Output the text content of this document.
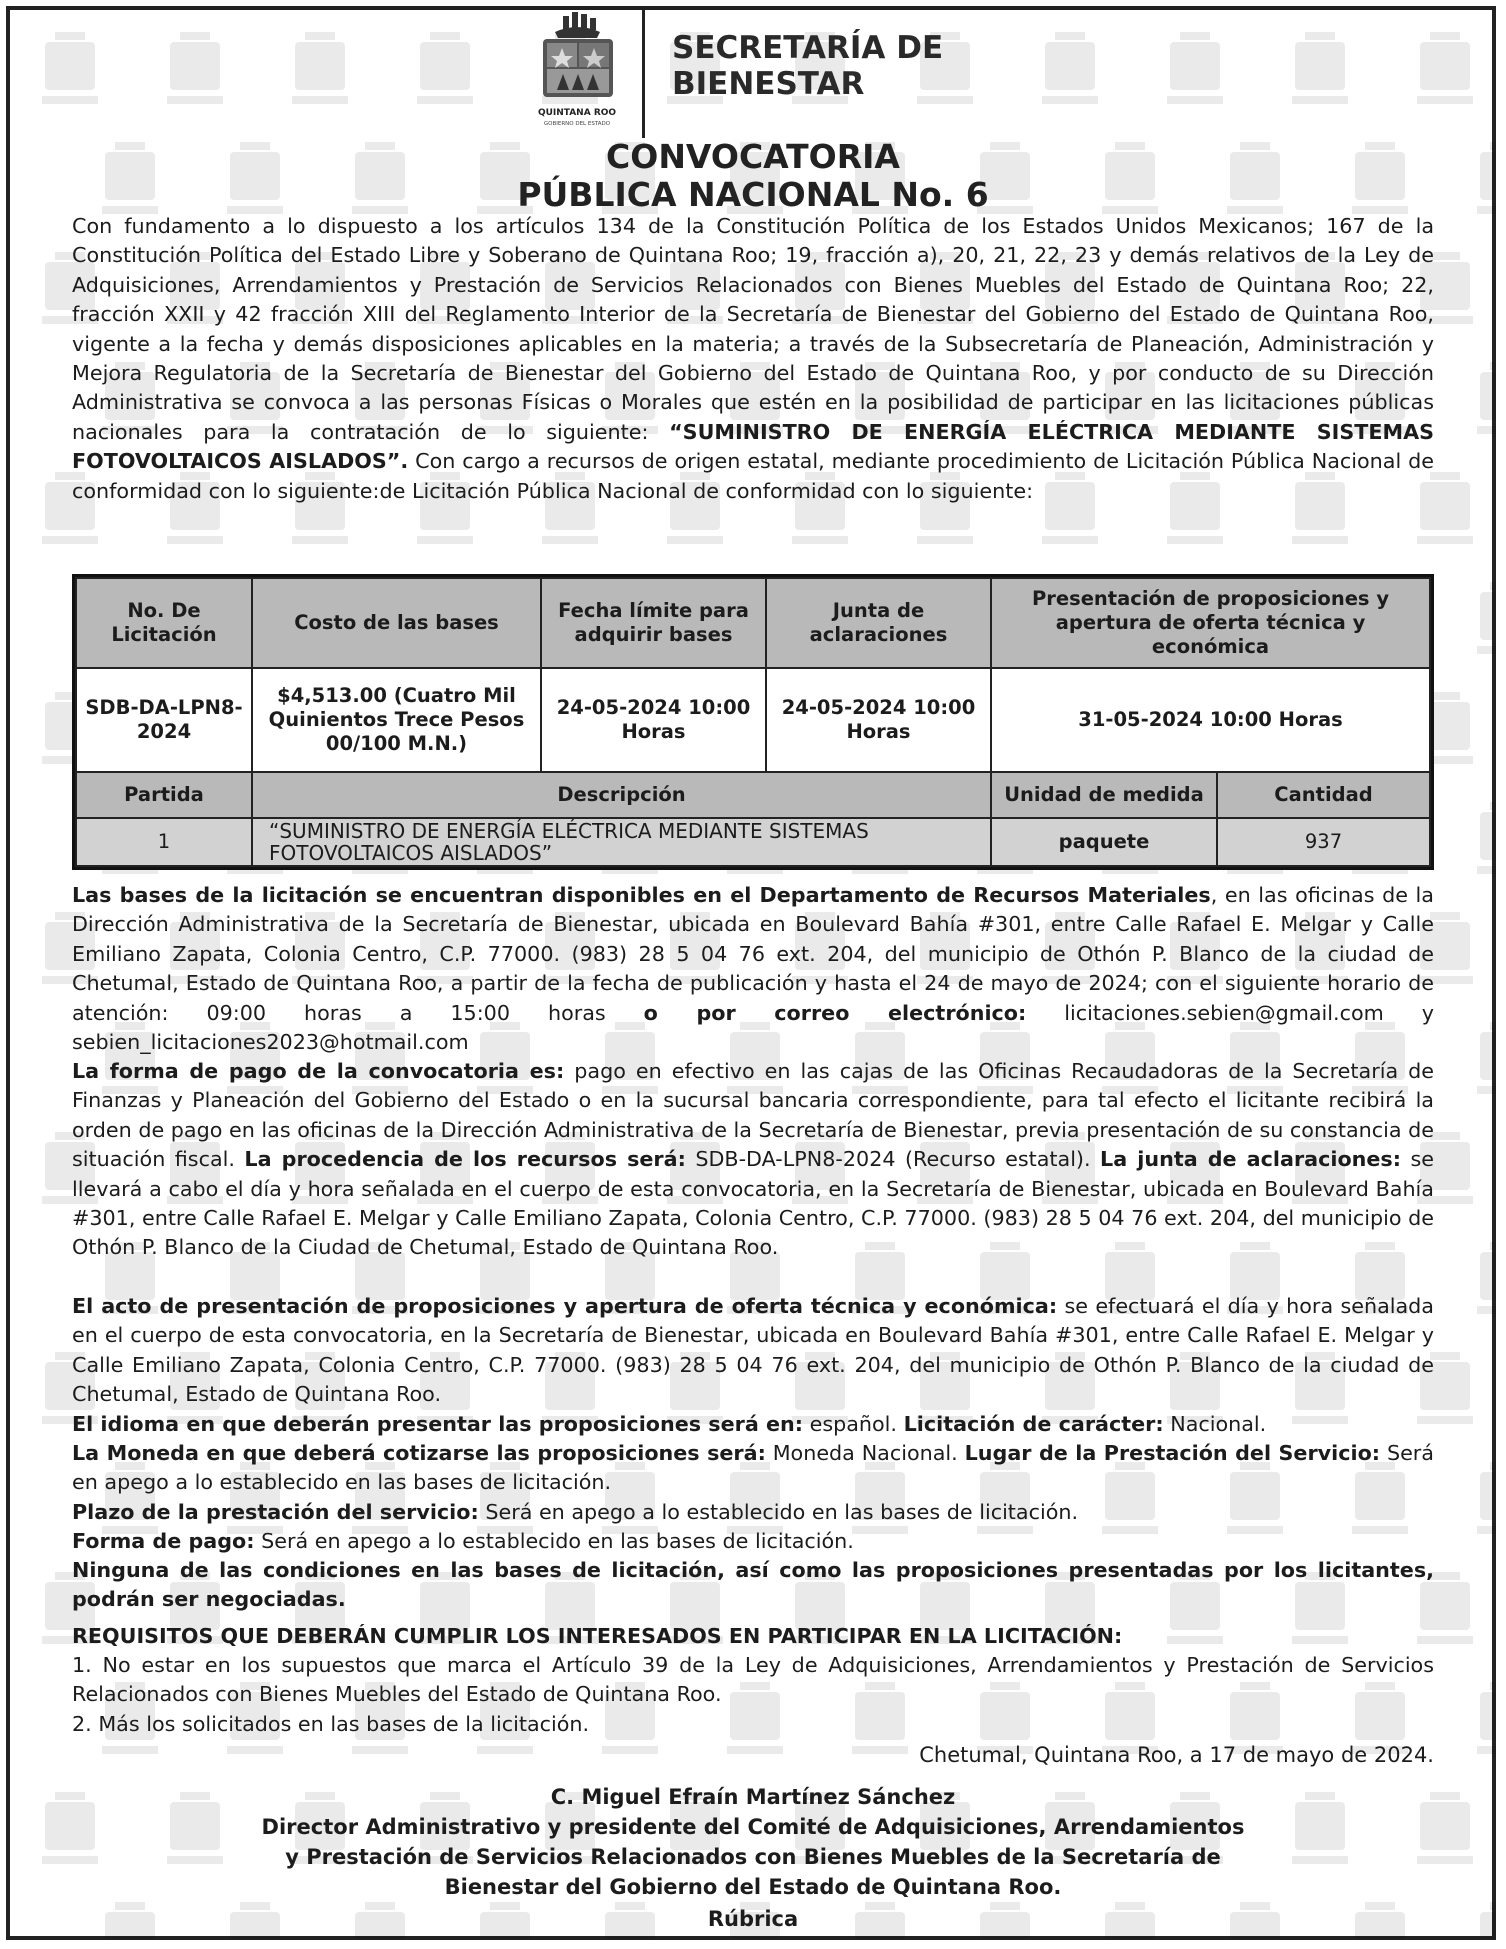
QUINTANA ROO
GOBIERNO DEL ESTADO
SECRETARÍA DE
BIENESTAR
CONVOCATORIA
PÚBLICA NACIONAL No. 6
Con fundamento a lo dispuesto a los artículos 134 de la Constitución Política de los Estados Unidos Mexicanos; 167 de la Constitución Política del Estado Libre y Soberano de Quintana Roo; 19, fracción a), 20, 21, 22, 23 y demás relativos de la Ley de Adquisiciones, Arrendamientos y Prestación de Servicios Relacionados con Bienes Muebles del Estado de Quintana Roo; 22, fracción XXII y 42 fracción XIII del Reglamento Interior de la Secretaría de Bienestar del Gobierno del Estado de Quintana Roo, vigente a la fecha y demás disposiciones aplicables en la materia; a través de la Subsecretaría de Planeación, Administración y Mejora Regulatoria de la Secretaría de Bienestar del Gobierno del Estado de Quintana Roo, y por conducto de su Dirección Administrativa se convoca a las personas Físicas o Morales que estén en la posibilidad de participar en las licitaciones públicas nacionales para la contratación de lo siguiente: “SUMINISTRO DE ENERGÍA ELÉCTRICA MEDIANTE SISTEMAS FOTOVOLTAICOS AISLADOS”. Con cargo a recursos de origen estatal, mediante procedimiento de Licitación Pública Nacional de conformidad con lo siguiente:de Licitación Pública Nacional de conformidad con lo siguiente:
No. De Licitación	Costo de las bases	Fecha límite para adquirir bases	Junta de aclaraciones	Presentación de proposiciones y apertura de oferta técnica y económica	
SDB-DA-LPN8-2024	$4,513.00 (Cuatro Mil Quinientos Trece Pesos 00/100 M.N.)	24-05-2024 10:00 Horas	24-05-2024 10:00 Horas	31-05-2024 10:00 Horas	
Partida	Descripción			Unidad de medida	Cantidad
1	“SUMINISTRO DE ENERGÍA ELÉCTRICA MEDIANTE SISTEMAS FOTOVOLTAICOS AISLADOS”			paquete	937
Las bases de la licitación se encuentran disponibles en el Departamento de Recursos Materiales, en las oficinas de la Dirección Administrativa de la Secretaría de Bienestar, ubicada en Boulevard Bahía #301, entre Calle Rafael E. Melgar y Calle Emiliano Zapata, Colonia Centro, C.P. 77000. (983) 28 5 04 76 ext. 204, del municipio de Othón P. Blanco de la ciudad de Chetumal, Estado de Quintana Roo, a partir de la fecha de publicación y hasta el 24 de mayo de 2024; con el siguiente horario de atención: 09:00 horas a 15:00 horas o por correo electrónico: licitaciones.sebien@gmail.com y sebien_licitaciones2023@hotmail.com
La forma de pago de la convocatoria es: pago en efectivo en las cajas de las Oficinas Recaudadoras de la Secretaría de Finanzas y Planeación del Gobierno del Estado o en la sucursal bancaria correspondiente, para tal efecto el licitante recibirá la orden de pago en las oficinas de la Dirección Administrativa de la Secretaría de Bienestar, previa presentación de su constancia de situación fiscal. La procedencia de los recursos será: SDB-DA-LPN8-2024 (Recurso estatal). La junta de aclaraciones: se llevará a cabo el día y hora señalada en el cuerpo de esta convocatoria, en la Secretaría de Bienestar, ubicada en Boulevard Bahía #301, entre Calle Rafael E. Melgar y Calle Emiliano Zapata, Colonia Centro, C.P. 77000. (983) 28 5 04 76 ext. 204, del municipio de Othón P. Blanco de la Ciudad de Chetumal, Estado de Quintana Roo.
El acto de presentación de proposiciones y apertura de oferta técnica y económica: se efectuará el día y hora señalada en el cuerpo de esta convocatoria, en la Secretaría de Bienestar, ubicada en Boulevard Bahía #301, entre Calle Rafael E. Melgar y Calle Emiliano Zapata, Colonia Centro, C.P. 77000. (983) 28 5 04 76 ext. 204, del municipio de Othón P. Blanco de la ciudad de Chetumal, Estado de Quintana Roo.
El idioma en que deberán presentar las proposiciones será en: español. Licitación de carácter: Nacional.
La Moneda en que deberá cotizarse las proposiciones será: Moneda Nacional. Lugar de la Prestación del Servicio: Será en apego a lo establecido en las bases de licitación.
Plazo de la prestación del servicio: Será en apego a lo establecido en las bases de licitación.
Forma de pago: Será en apego a lo establecido en las bases de licitación.
Ninguna de las condiciones en las bases de licitación, así como las proposiciones presentadas por los licitantes, podrán ser negociadas.
REQUISITOS QUE DEBERÁN CUMPLIR LOS INTERESADOS EN PARTICIPAR EN LA LICITACIÓN:
1. No estar en los supuestos que marca el Artículo 39 de la Ley de Adquisiciones, Arrendamientos y Prestación de Servicios Relacionados con Bienes Muebles del Estado de Quintana Roo.
2. Más los solicitados en las bases de la licitación.
Chetumal, Quintana Roo, a 17 de mayo de 2024.
C. Miguel Efraín Martínez Sánchez
Director Administrativo y presidente del Comité de Adquisiciones, Arrendamientos
y Prestación de Servicios Relacionados con Bienes Muebles de la Secretaría de
Bienestar del Gobierno del Estado de Quintana Roo.
Rúbrica
